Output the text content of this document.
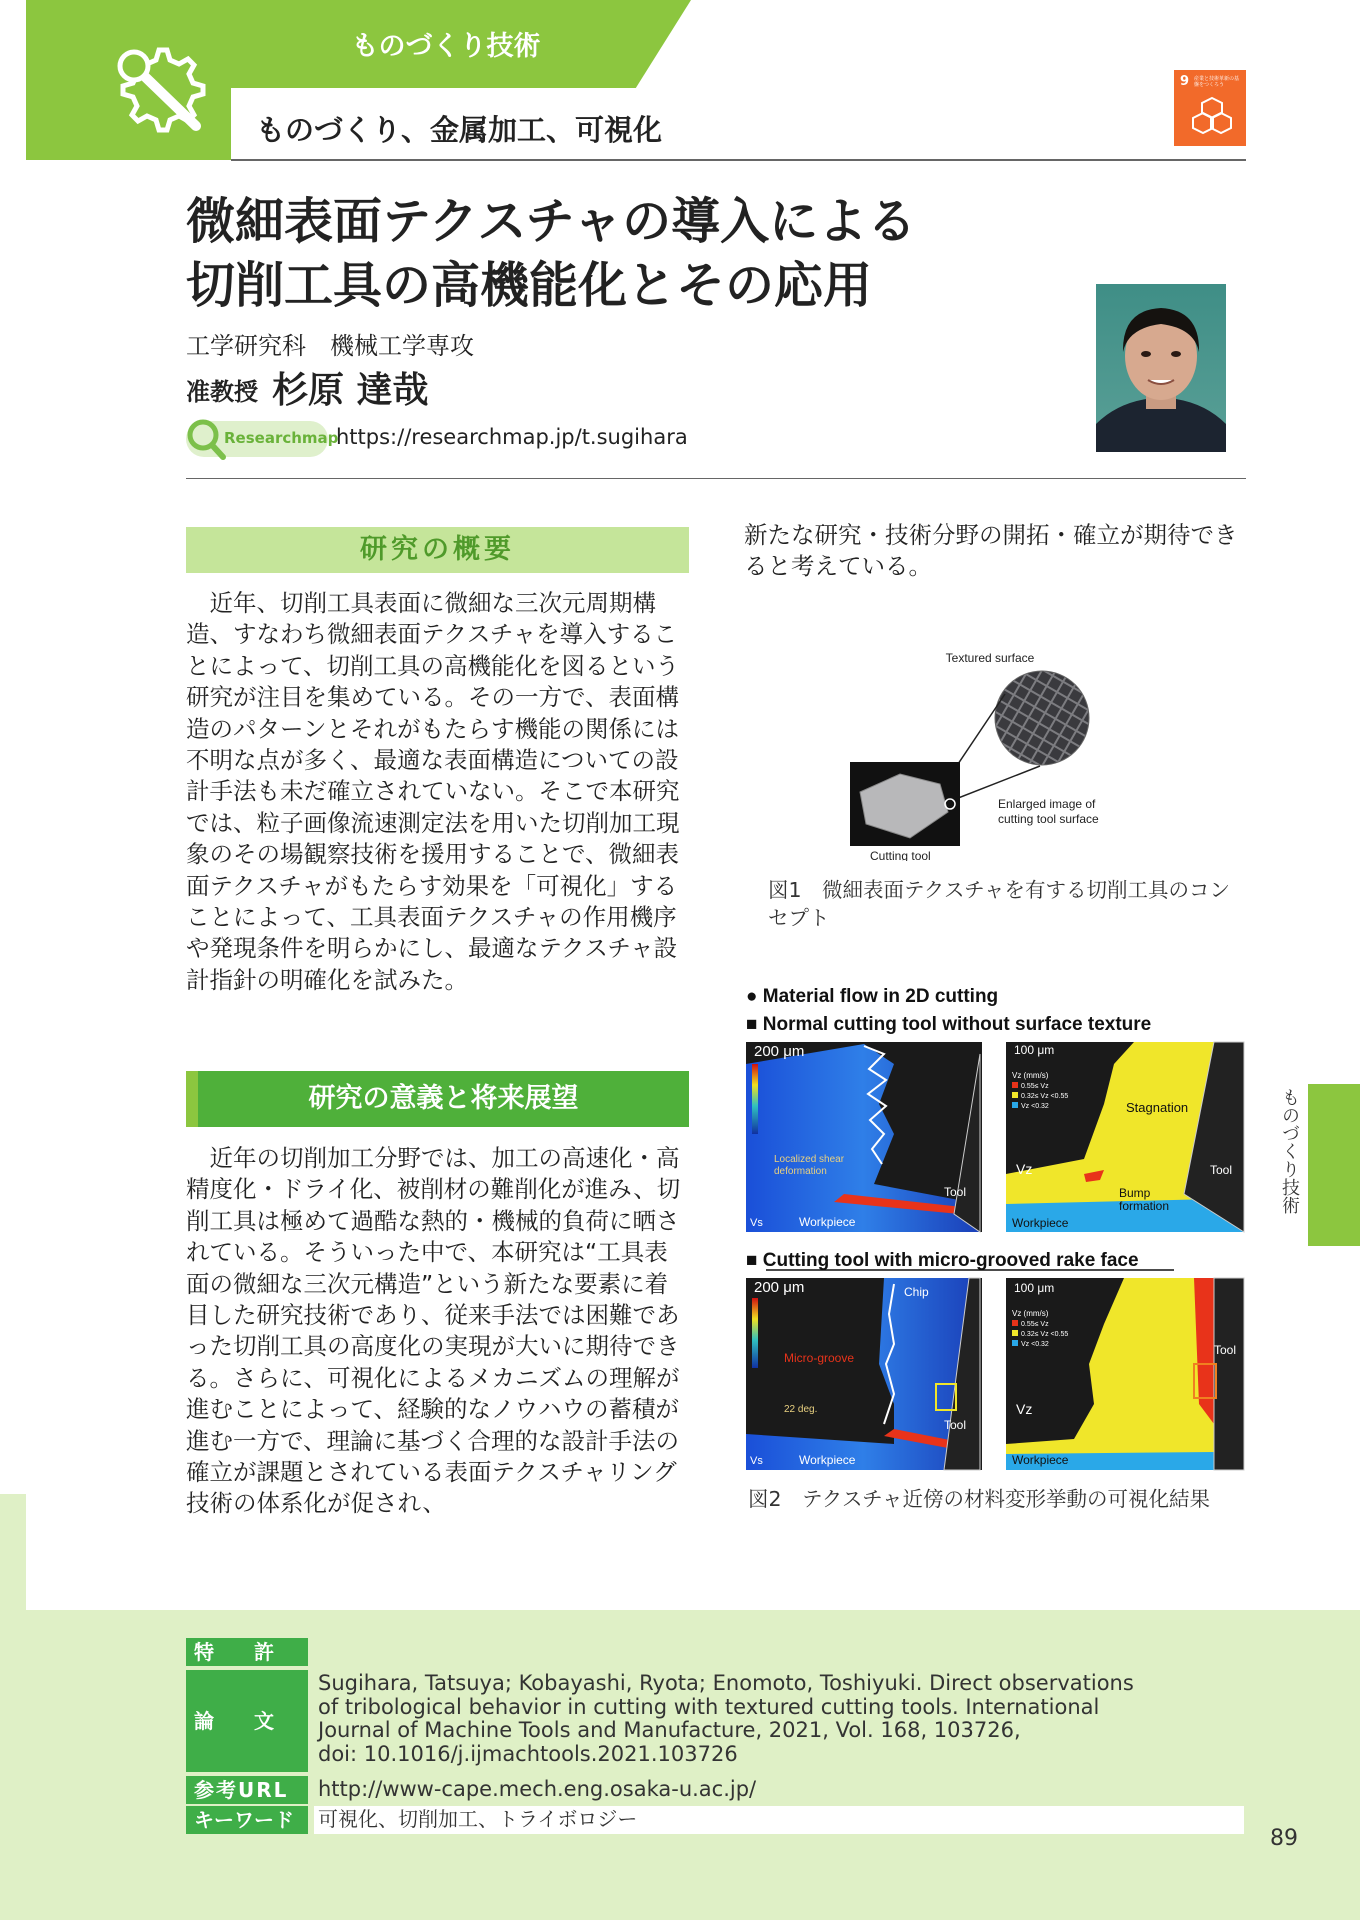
ものづくり技術
ものづくり、金属加工、可視化
9 産業と技術革新の基盤をつくろう
微細表面テクスチャの導入による
切削工具の高機能化とその応用
工学研究科　機械工学専攻
准教授 杉原 達哉
Researchmap
https://researchmap.jp/t.sugihara
研究の概要
近年、切削工具表面に微細な三次元周期構造、すなわち微細表面テクスチャを導入することによって、切削工具の高機能化を図るという研究が注目を集めている。その一方で、表面構造のパターンとそれがもたらす機能の関係には不明な点が多く、最適な表面構造についての設計手法も未だ確立されていない。そこで本研究では、粒子画像流速測定法を用いた切削加工現象のその場観察技術を援用することで、微細表面テクスチャがもたらす効果を「可視化」することによって、工具表面テクスチャの作用機序や発現条件を明らかにし、最適なテクスチャ設計指針の明確化を試みた。
研究の意義と将来展望
近年の切削加工分野では、加工の高速化・高精度化・ドライ化、被削材の難削化が進み、切削工具は極めて過酷な熱的・機械的負荷に晒されている。そういった中で、本研究は“工具表面の微細な三次元構造”という新たな要素に着目した研究技術であり、従来手法では困難であった切削工具の高度化の実現が大いに期待できる。さらに、可視化によるメカニズムの理解が進むことによって、経験的なノウハウの蓄積が進む一方で、理論に基づく合理的な設計手法の確立が課題とされている表面テクスチャリング技術の体系化が促され、
新たな研究・技術分野の開拓・確立が期待できると考えている。
Textured surface
Enlarged image of
cutting tool surface
Cutting tool
図1　微細表面テクスチャを有する切削工具のコンセプト
● Material flow in 2D cutting
■ Normal cutting tool without surface texture
200 μm
Localized shear
deformation
Tool
Workpiece
Vs
100 μm
Vz (mm/s)
0.55≤ Vz
0.32≤ Vz <0.55
Vz <0.32	Stagnation
Bump
formation
Tool
Workpiece
Vz
■ Cutting tool with micro-grooved rake face
200 μm
Micro-groove
22 deg.
Chip
Tool
Workpiece
Vs
100 μm
Vz (mm/s)
0.55≤ Vz
0.32≤ Vz <0.55
Vz <0.32	Tool
Workpiece
Vz
図2　テクスチャ近傍の材料変形挙動の可視化結果
ものづくり技術
特　　許
論　　文
Sugihara, Tatsuya; Kobayashi, Ryota; Enomoto, Toshiyuki. Direct observations
of tribological behavior in cutting with textured cutting tools. International
Journal of Machine Tools and Manufacture, 2021, Vol. 168, 103726,
doi: 10.1016/j.ijmachtools.2021.103726
参考URL	http://www-cape.mech.eng.osaka-u.ac.jp/
キーワード	可視化、切削加工、トライボロジー
89
